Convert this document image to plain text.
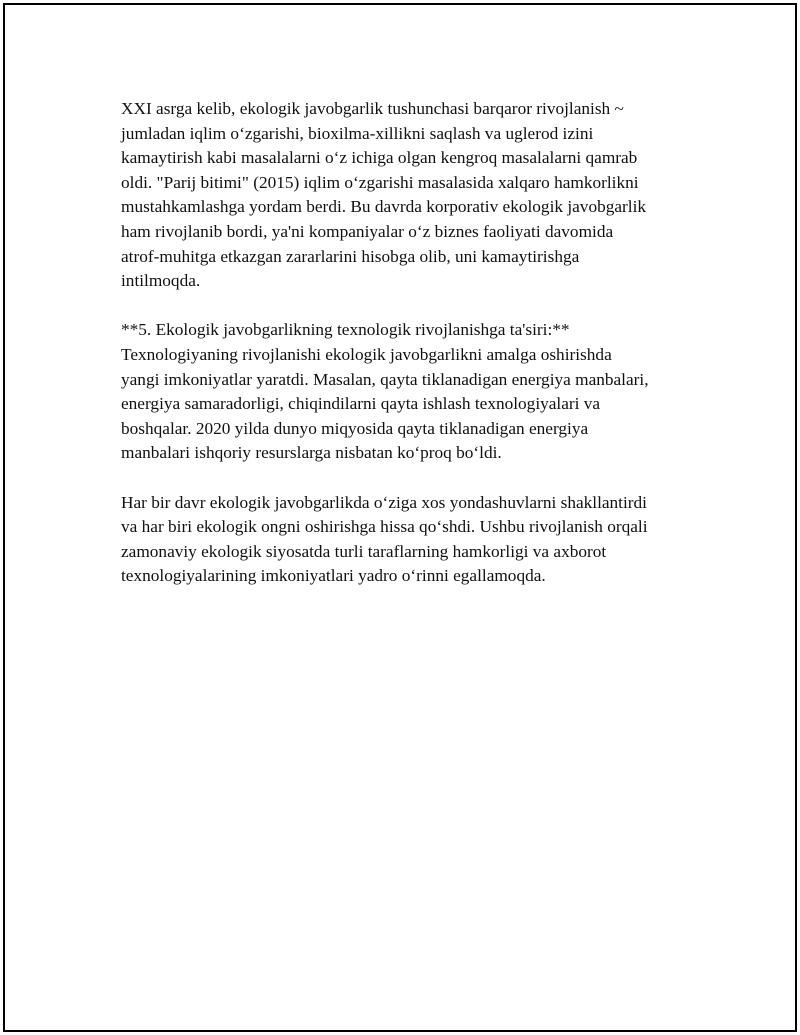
XXI asrga kelib, ekologik javobgarlik tushunchasi barqaror rivojlanish ~
jumladan iqlim o‘zgarishi, bioxilma-xillikni saqlash va uglerod izini
kamaytirish kabi masalalarni o‘z ichiga olgan kengroq masalalarni qamrab
oldi. "Parij bitimi" (2015) iqlim o‘zgarishi masalasida xalqaro hamkorlikni
mustahkamlashga yordam berdi. Bu davrda korporativ ekologik javobgarlik
ham rivojlanib bordi, ya'ni kompaniyalar o‘z biznes faoliyati davomida
atrof-muhitga etkazgan zararlarini hisobga olib, uni kamaytirishga
intilmoqda.

**5. Ekologik javobgarlikning texnologik rivojlanishga ta'siri:**
Texnologiyaning rivojlanishi ekologik javobgarlikni amalga oshirishda
yangi imkoniyatlar yaratdi. Masalan, qayta tiklanadigan energiya manbalari,
energiya samaradorligi, chiqindilarni qayta ishlash texnologiyalari va
boshqalar. 2020 yilda dunyo miqyosida qayta tiklanadigan energiya
manbalari ishqoriy resurslarga nisbatan ko‘proq bo‘ldi.

Har bir davr ekologik javobgarlikda o‘ziga xos yondashuvlarni shakllantirdi
va har biri ekologik ongni oshirishga hissa qo‘shdi. Ushbu rivojlanish orqali
zamonaviy ekologik siyosatda turli taraflarning hamkorligi va axborot
texnologiyalarining imkoniyatlari yadro o‘rinni egallamoqda.
